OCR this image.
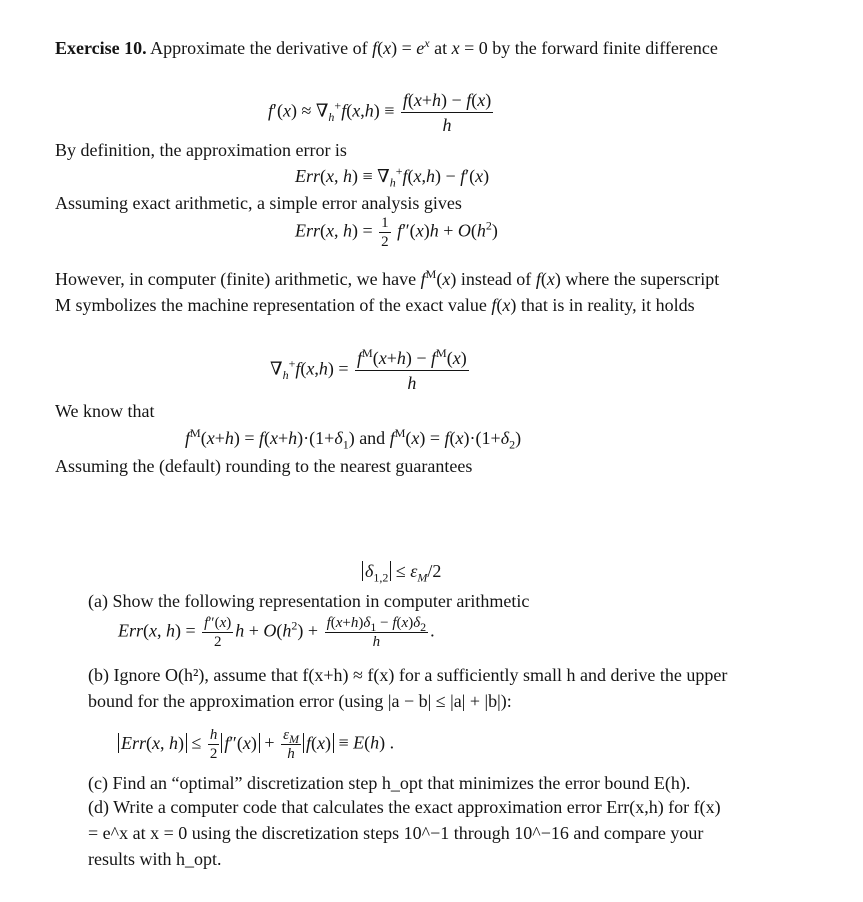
Exercise 10. Approximate the derivative of $f(x) = e^x$ at x = 0 by the forward finite difference

$f'(x) \approx \nabla_h^+f(x,h) \equiv \frac{f(x+h) - f(x)}{h}$

By definition, the approximation error is

Err(x, $h) \equiv \nabla_h^+f(x,h) - f'(x)$

Assuming exact arithmetic, a simple error analysis gives

Err(x, $h) = \frac{1}{2} f''(x)h + O(h^2)$

However, in computer (finite) arithmetic, we have $f^M(x)$ instead of f(x) where the superscript M symbolizes the machine representation of the exact value f(x) that is in reality, it holds

$\nabla_h^+f(x,h) = \frac{f^M(x+h) - f^M(x)}{h}$

We know that

$f^M(x+h) = f(x+h)\cdot(1+\delta_1)$ and $f^M(x) = f(x)\cdot(1+\delta_2)$

Assuming the (default) rounding to the nearest guarantees

$\delta_{1,2} \le \varepsilon_M/2$

(a) Show the following representation in computer arithmetic

Err(x, $h) = \frac{f''(x)}{2}$ $h + O(h^2) + \frac{f(x+h)\delta_1 - f(x)\delta_2}{h}$ .

(b) Ignore O(h²), assume that f(x+h) ≈ f(x) for a sufficiently small h and derive the upper bound for the approximation error (using |a − b| ≤ |a| + |b|):

Err(x, $h) \le \frac{h}{2} f''(x) + \frac{\varepsilon_M}{h} f(x) \equiv E(h)$ .

(c) Find an “optimal” discretization step h_opt that minimizes the error bound E(h).

(d) Write a computer code that calculates the exact approximation error Err(x,h) for f(x) = e^x at x = 0 using the discretization steps 10^−1 through 10^−16 and compare your results with h_opt.
